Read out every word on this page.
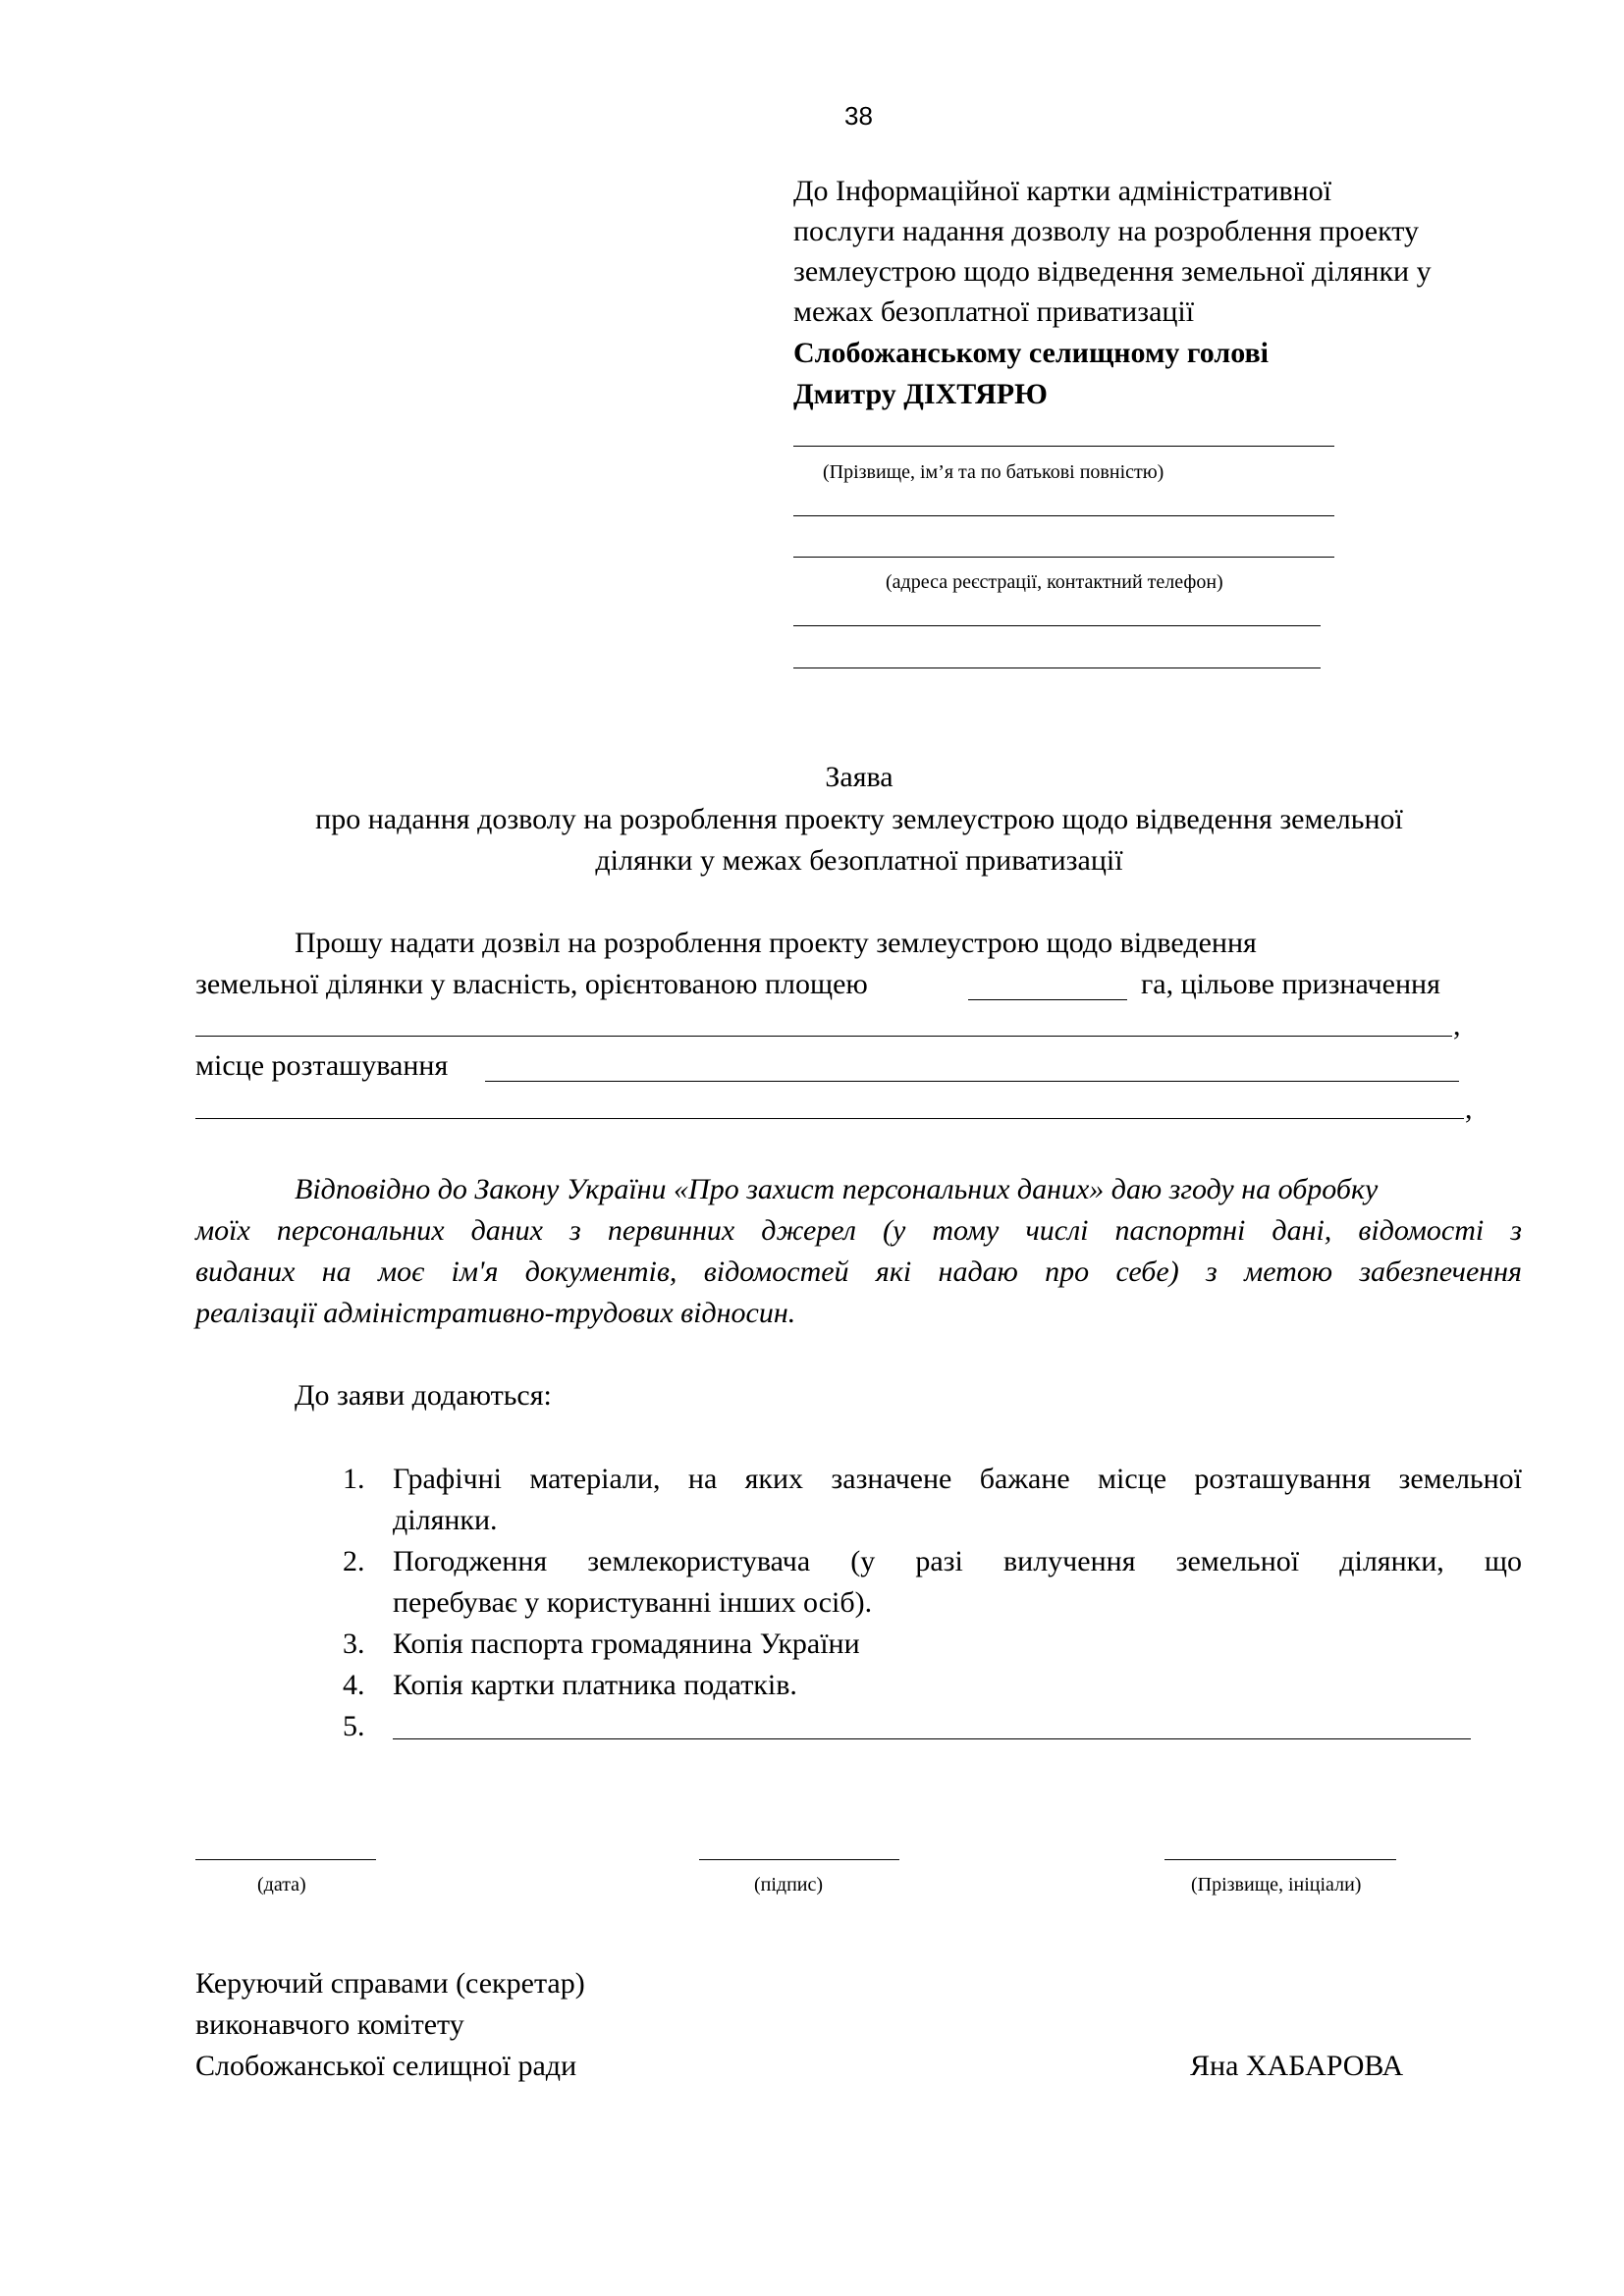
38
До Інформаційної картки адміністративної
послуги надання дозволу на розроблення проекту
землеустрою щодо відведення земельної ділянки у
межах безоплатної приватизації
Слобожанському селищному голові
Дмитру ДІХТЯРЮ
(Прізвище, ім’я та по батькові повністю)
(адреса реєстрації, контактний телефон)
Заява
про надання дозволу на розроблення проекту землеустрою щодо відведення земельної
ділянки у межах безоплатної приватизації
Прошу надати дозвіл на розроблення проекту землеустрою щодо відведення
земельної ділянки у власність, орієнтованою площею	га, цільове призначення
,
місце розташування
,
Відповідно до Закону України «Про захист персональних даних» даю згоду на обробку
моїх персональних даних з первинних джерел (у тому числі паспортні дані, відомості з
виданих на моє ім'я документів, відомостей які надаю про себе) з метою забезпечення
реалізації адміністративно-трудових відносин.
До заяви додаються:
1. Графічні матеріали, на яких зазначене бажане місце розташування земельної
ділянки.
2. Погодження землекористувача (у разі вилучення земельної ділянки, що
перебуває у користуванні інших осіб).
3. Копія паспорта громадянина України
4. Копія картки платника податків.
5.
(дата)	(підпис)	(Прізвище, ініціали)
Керуючий справами (секретар)
виконавчого комітету
Слобожанської селищної ради	Яна ХАБАРОВА
